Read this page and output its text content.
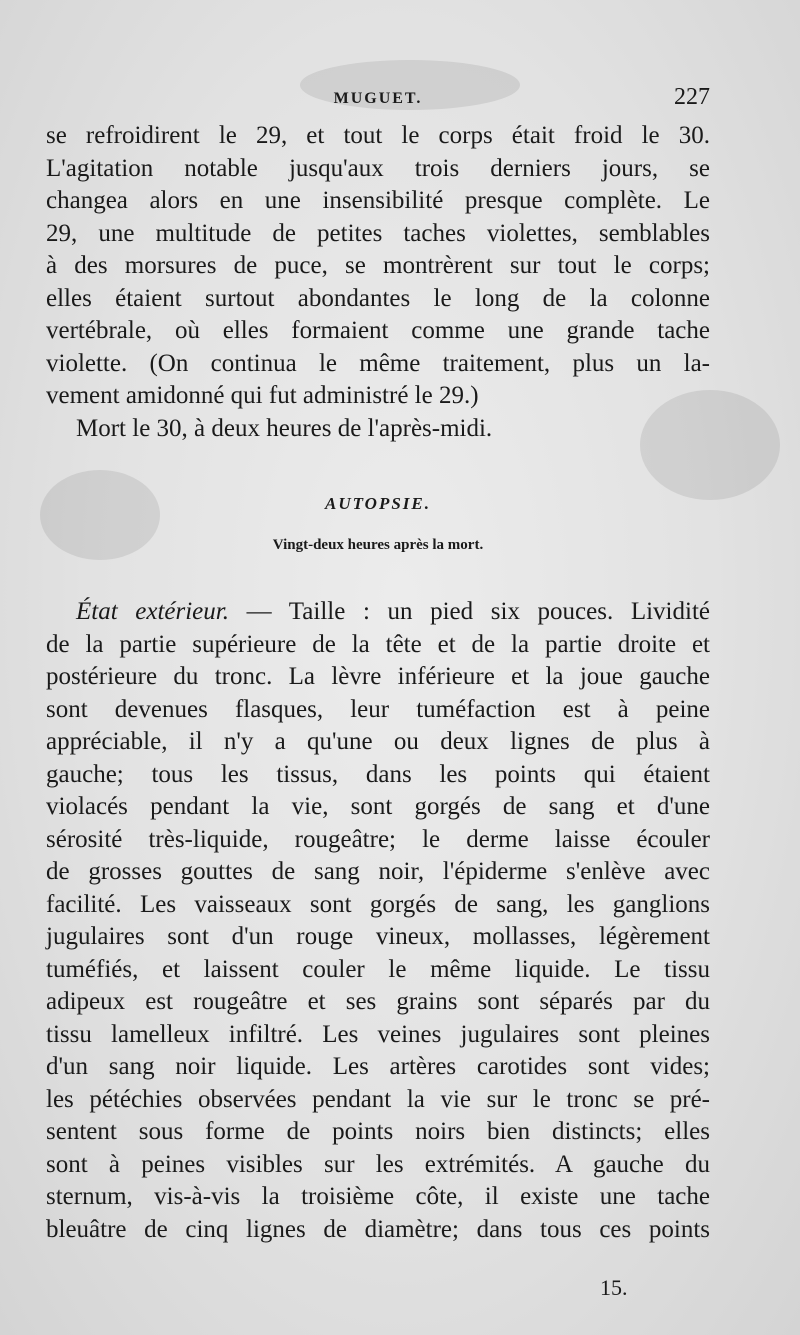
MUGUET.	227

se refroidirent le 29, et tout le corps était froid le 30.

L'agitation notable jusqu'aux trois derniers jours, se

changea alors en une insensibilité presque complète. Le

29, une multitude de petites taches violettes, semblables

à des morsures de puce, se montrèrent sur tout le corps;

elles étaient surtout abondantes le long de la colonne

vertébrale, où elles formaient comme une grande tache

violette. (On continua le même traitement, plus un la-

vement amidonné qui fut administré le 29.)

Mort le 30, à deux heures de l'après-midi.

AUTOPSIE.
Vingt-deux heures après la mort.

État extérieur. — Taille : un pied six pouces. Lividité

de la partie supérieure de la tête et de la partie droite et

postérieure du tronc. La lèvre inférieure et la joue gauche

sont devenues flasques, leur tuméfaction est à peine

appréciable, il n'y a qu'une ou deux lignes de plus à

gauche; tous les tissus, dans les points qui étaient

violacés pendant la vie, sont gorgés de sang et d'une

sérosité très-liquide, rougeâtre; le derme laisse écouler

de grosses gouttes de sang noir, l'épiderme s'enlève avec

facilité. Les vaisseaux sont gorgés de sang, les ganglions

jugulaires sont d'un rouge vineux, mollasses, légèrement

tuméfiés, et laissent couler le même liquide. Le tissu

adipeux est rougeâtre et ses grains sont séparés par du

tissu lamelleux infiltré. Les veines jugulaires sont pleines

d'un sang noir liquide. Les artères carotides sont vides;

les pétéchies observées pendant la vie sur le tronc se pré-

sentent sous forme de points noirs bien distincts; elles

sont à peines visibles sur les extrémités. A gauche du

sternum, vis-à-vis la troisième côte, il existe une tache

bleuâtre de cinq lignes de diamètre; dans tous ces points

15.
